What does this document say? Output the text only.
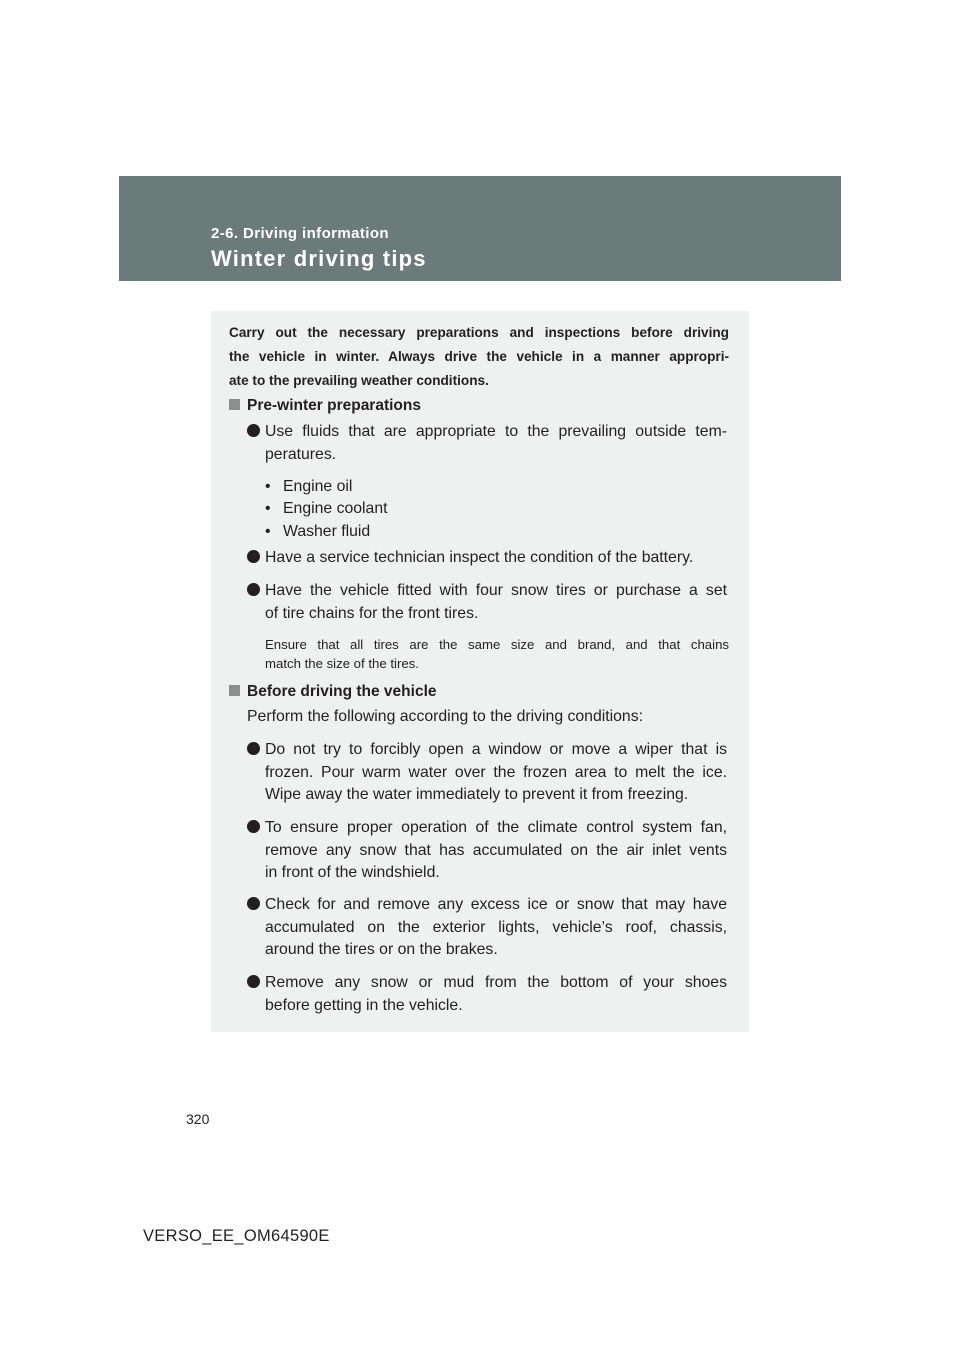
2-6. Driving information
Winter driving tips
Carry out the necessary preparations and inspections before driving
the vehicle in winter. Always drive the vehicle in a manner appropri-
ate to the prevailing weather conditions.
Pre-winter preparations
Use fluids that are appropriate to the prevailing outside tem-
peratures.
• Engine oil
• Engine coolant
• Washer fluid
Have a service technician inspect the condition of the battery.
Have the vehicle fitted with four snow tires or purchase a set
of tire chains for the front tires.
Ensure that all tires are the same size and brand, and that chains
match the size of the tires.
Before driving the vehicle
Perform the following according to the driving conditions:
Do not try to forcibly open a window or move a wiper that is
frozen. Pour warm water over the frozen area to melt the ice.
Wipe away the water immediately to prevent it from freezing.
To ensure proper operation of the climate control system fan,
remove any snow that has accumulated on the air inlet vents
in front of the windshield.
Check for and remove any excess ice or snow that may have
accumulated on the exterior lights, vehicle’s roof, chassis,
around the tires or on the brakes.
Remove any snow or mud from the bottom of your shoes
before getting in the vehicle.
320
VERSO_EE_OM64590E
